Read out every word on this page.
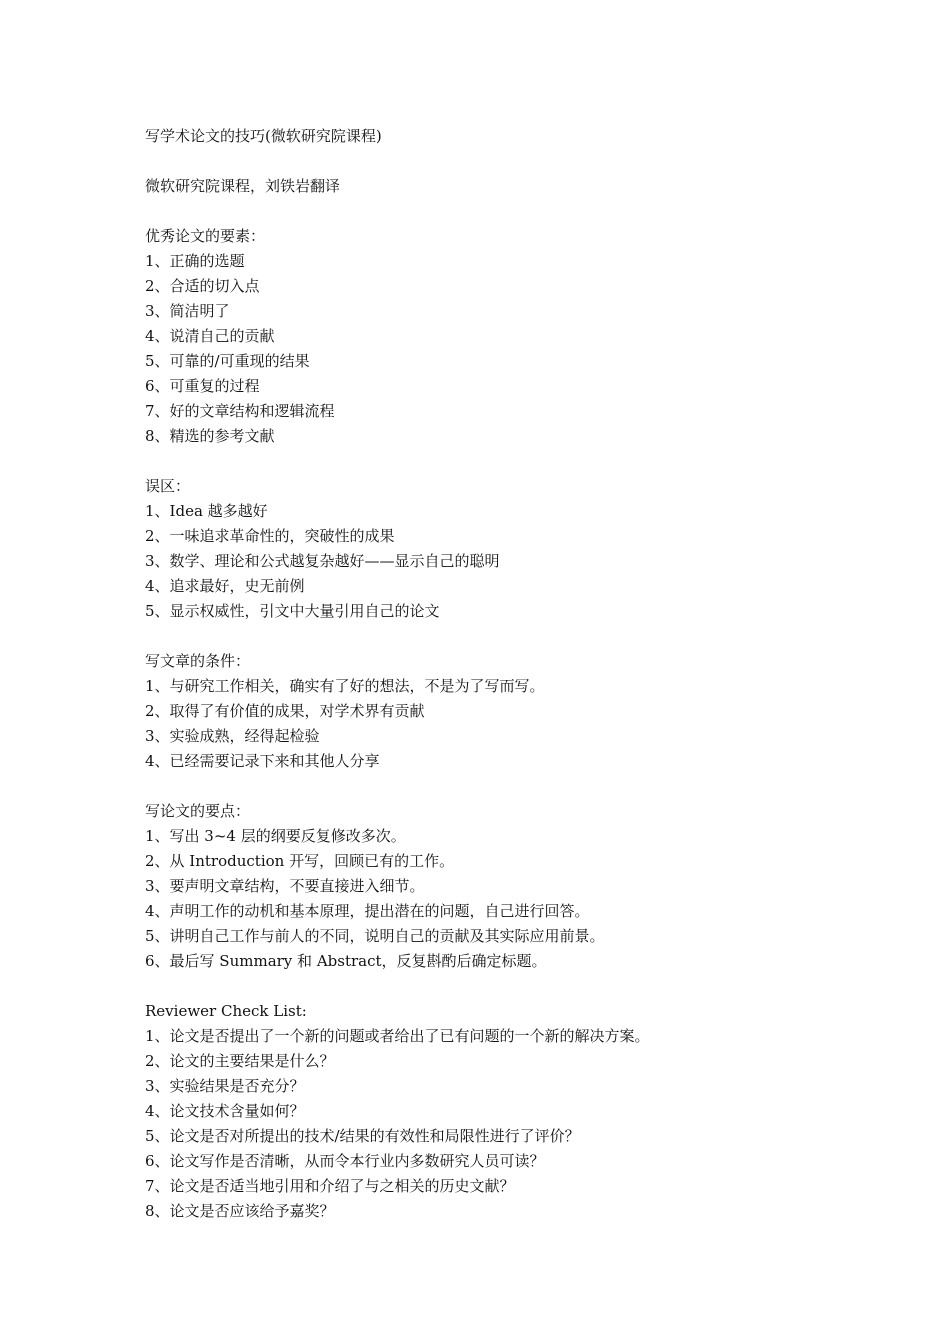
写学术论文的技巧(微软研究院课程)
微软研究院课程，刘铁岩翻译
优秀论文的要素：
1、正确的选题
2、合适的切入点
3、简洁明了
4、说清自己的贡献
5、可靠的/可重现的结果
6、可重复的过程
7、好的文章结构和逻辑流程
8、精选的参考文献
误区：
1、Idea 越多越好
2、一味追求革命性的，突破性的成果
3、数学、理论和公式越复杂越好——显示自己的聪明
4、追求最好，史无前例
5、显示权威性，引文中大量引用自己的论文
写文章的条件：
1、与研究工作相关，确实有了好的想法，不是为了写而写。
2、取得了有价值的成果，对学术界有贡献
3、实验成熟，经得起检验
4、已经需要记录下来和其他人分享
写论文的要点：
1、写出 3~4 层的纲要反复修改多次。
2、从 Introduction 开写，回顾已有的工作。
3、要声明文章结构，不要直接进入细节。
4、声明工作的动机和基本原理，提出潜在的问题，自己进行回答。
5、讲明自己工作与前人的不同，说明自己的贡献及其实际应用前景。
6、最后写 Summary 和 Abstract，反复斟酌后确定标题。
Reviewer Check List:
1、论文是否提出了一个新的问题或者给出了已有问题的一个新的解决方案。
2、论文的主要结果是什么？
3、实验结果是否充分？
4、论文技术含量如何？
5、论文是否对所提出的技术/结果的有效性和局限性进行了评价？
6、论文写作是否清晰，从而令本行业内多数研究人员可读？
7、论文是否适当地引用和介绍了与之相关的历史文献？
8、论文是否应该给予嘉奖？
